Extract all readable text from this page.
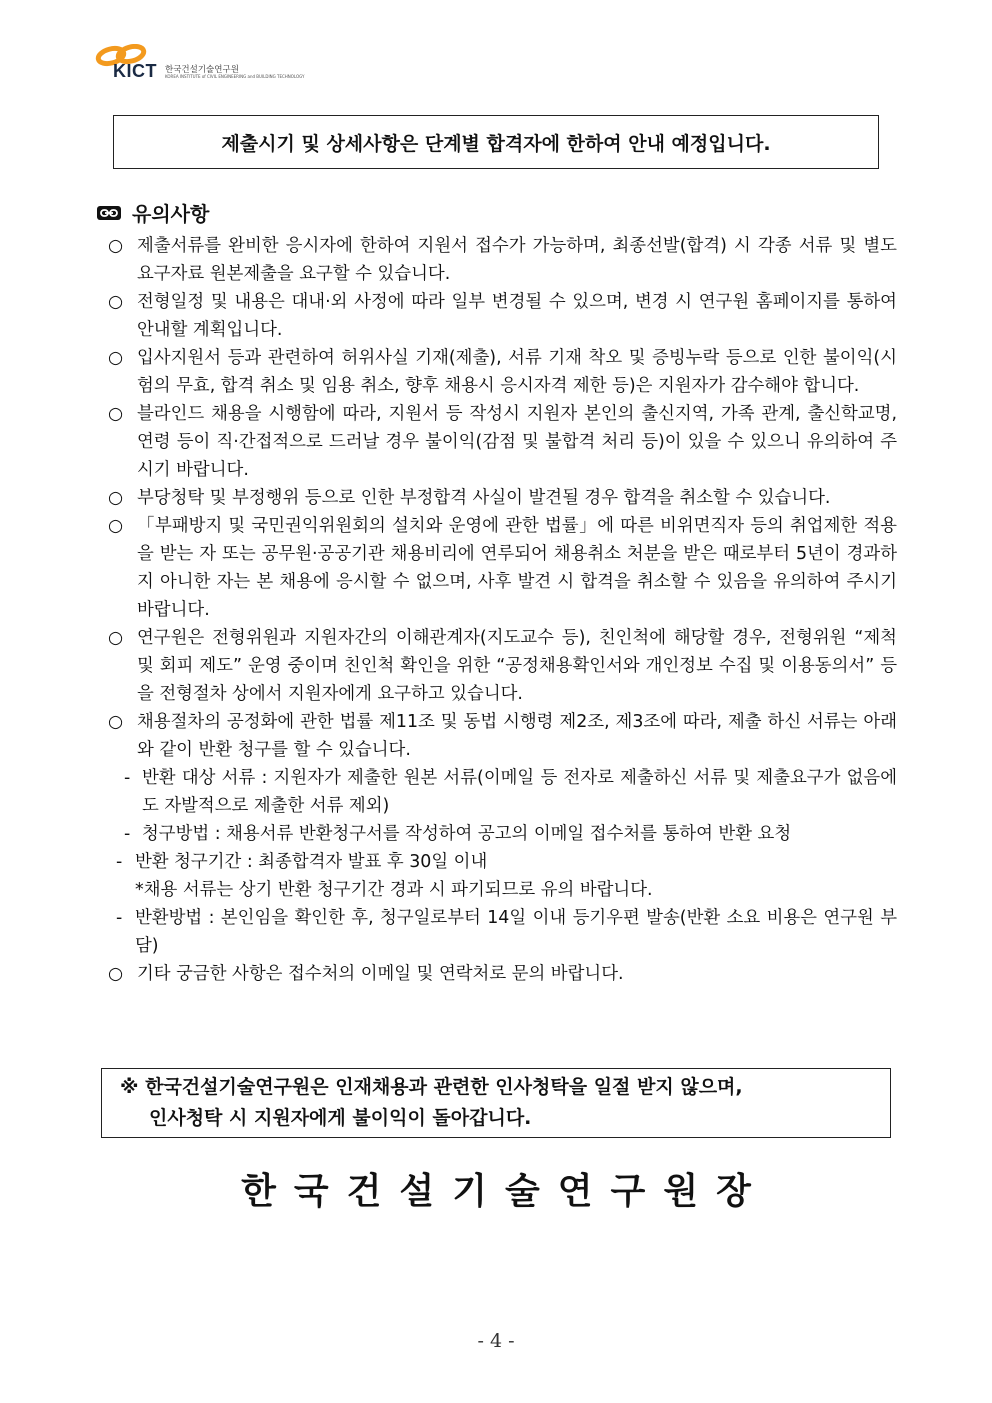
KICT 한국건설기술연구원
KOREA INSTITUTE of CIVIL ENGINEERING and BUILDING TECHNOLOGY
제출시기 및 상세사항은 단계별 합격자에 한하여 안내 예정입니다.
유의사항
○ 제출서류를 완비한 응시자에 한하여 지원서 접수가 가능하며, 최종선발(합격) 시 각종 서류 및 별도 요구자료 원본제출을 요구할 수 있습니다.
○ 전형일정 및 내용은 대내·외 사정에 따라 일부 변경될 수 있으며, 변경 시 연구원 홈페이지를 통하여 안내할 계획입니다.
○ 입사지원서 등과 관련하여 허위사실 기재(제출), 서류 기재 착오 및 증빙누락 등으로 인한 불이익(시험의 무효, 합격 취소 및 임용 취소, 향후 채용시 응시자격 제한 등)은 지원자가 감수해야 합니다.
○ 블라인드 채용을 시행함에 따라, 지원서 등 작성시 지원자 본인의 출신지역, 가족 관계, 출신학교명, 연령 등이 직·간접적으로 드러날 경우 불이익(감점 및 불합격 처리 등)이 있을 수 있으니 유의하여 주시기 바랍니다.
○ 부당청탁 및 부정행위 등으로 인한 부정합격 사실이 발견될 경우 합격을 취소할 수 있습니다.
○ 「부패방지 및 국민권익위원회의 설치와 운영에 관한 법률」에 따른 비위면직자 등의 취업제한 적용을 받는 자 또는 공무원·공공기관 채용비리에 연루되어 채용취소 처분을 받은 때로부터 5년이 경과하지 아니한 자는 본 채용에 응시할 수 없으며, 사후 발견 시 합격을 취소할 수 있음을 유의하여 주시기 바랍니다.
○ 연구원은 전형위원과 지원자간의 이해관계자(지도교수 등), 친인척에 해당할 경우, 전형위원 “제척 및 회피 제도” 운영 중이며 친인척 확인을 위한 “공정채용확인서와 개인정보 수집 및 이용동의서” 등을 전형절차 상에서 지원자에게 요구하고 있습니다.
○ 채용절차의 공정화에 관한 법률 제11조 및 동법 시행령 제2조, 제3조에 따라, 제출 하신 서류는 아래와 같이 반환 청구를 할 수 있습니다.
- 반환 대상 서류 : 지원자가 제출한 원본 서류(이메일 등 전자로 제출하신 서류 및 제출요구가 없음에도 자발적으로 제출한 서류 제외)
- 청구방법 : 채용서류 반환청구서를 작성하여 공고의 이메일 접수처를 통하여 반환 요청
- 반환 청구기간 : 최종합격자 발표 후 30일 이내
*채용 서류는 상기 반환 청구기간 경과 시 파기되므로 유의 바랍니다.
- 반환방법 : 본인임을 확인한 후, 청구일로부터 14일 이내 등기우편 발송(반환 소요 비용은 연구원 부담)
○ 기타 궁금한 사항은 접수처의 이메일 및 연락처로 문의 바랍니다.
※ 한국건설기술연구원은 인재채용과 관련한 인사청탁을 일절 받지 않으며,
인사청탁 시 지원자에게 불이익이 돌아갑니다.
한국건설기술연구원장
- 4 -
